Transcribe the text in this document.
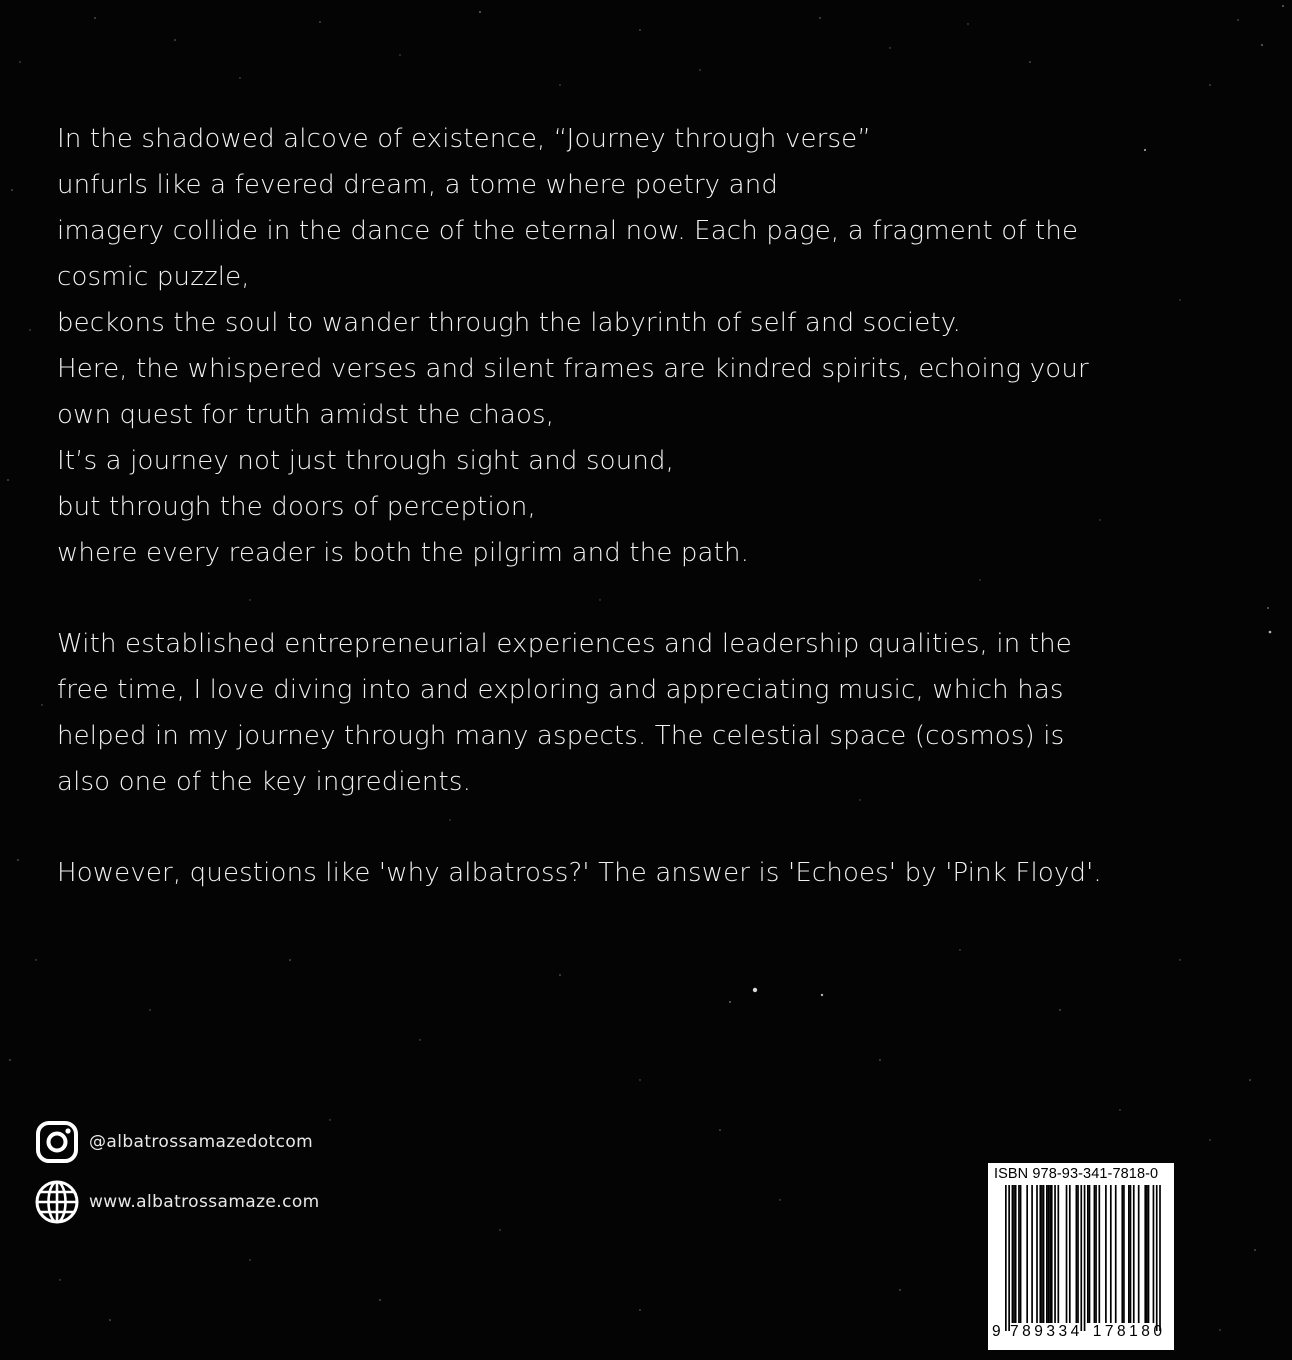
In the shadowed alcove of existence, “Journey through verse”
unfurls like a fevered dream, a tome where poetry and
imagery collide in the dance of the eternal now. Each page, a fragment of the
cosmic puzzle,
beckons the soul to wander through the labyrinth of self and society.
Here, the whispered verses and silent frames are kindred spirits, echoing your
own quest for truth amidst the chaos,
It’s a journey not just through sight and sound,
but through the doors of perception,
where every reader is both the pilgrim and the path.
With established entrepreneurial experiences and leadership qualities, in the
free time, I love diving into and exploring and appreciating music, which has
helped in my journey through many aspects. The celestial space (cosmos) is
also one of the key ingredients.
However, questions like 'why albatross?' The answer is 'Echoes' by 'Pink Floyd'.
@albatrossamazedotcom
www.albatrossamaze.com
ISBN 978-93-341-7818-0
9 789334 178180
